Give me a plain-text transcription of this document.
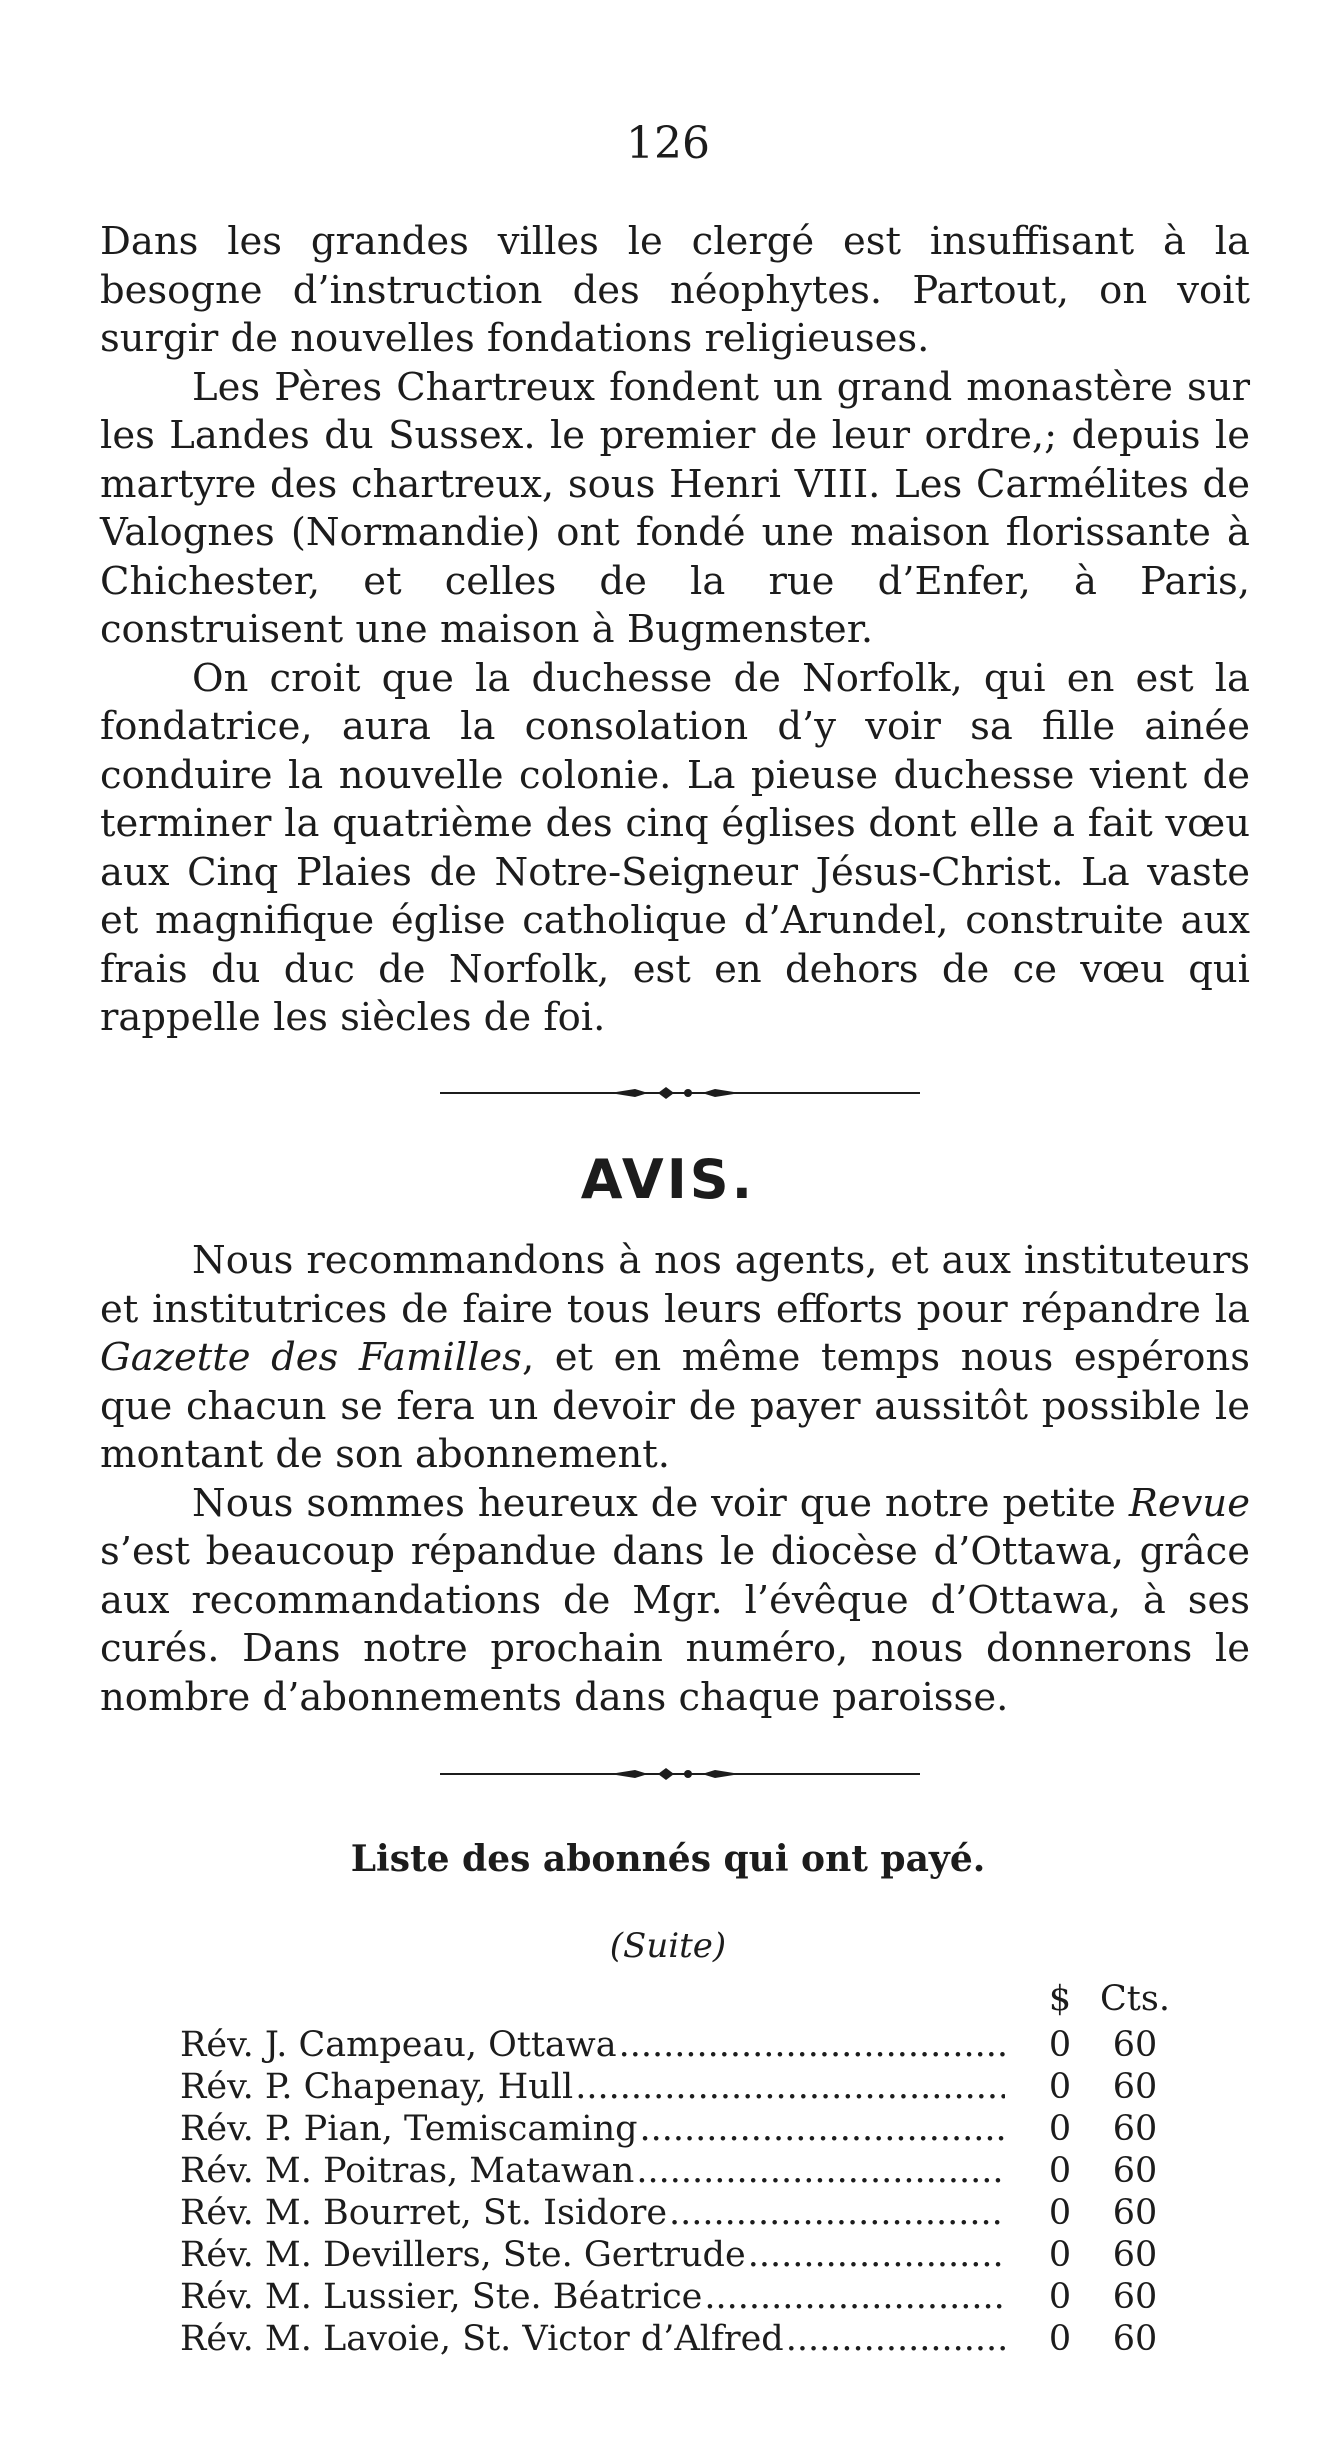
126

Dans les grandes villes le clergé est insuffisant à la besogne d’instruction des néophytes. Partout, on voit surgir de nouvelles fondations religieuses.

Les Pères Chartreux fondent un grand monastère sur les Landes du Sussex. le premier de leur ordre,; depuis le martyre des chartreux, sous Henri VIII. Les Carmélites de Valognes (Normandie) ont fondé une maison florissante à Chichester, et celles de la rue d’Enfer, à Paris, construisent une maison à Bugmenster.

On croit que la duchesse de Norfolk, qui en est la fondatrice, aura la consolation d’y voir sa fille ainée conduire la nouvelle colonie. La pieuse duchesse vient de terminer la quatrième des cinq églises dont elle a fait vœu aux Cinq Plaies de Notre-Seigneur Jésus-Christ. La vaste et magnifique église catholique d’Arundel, construite aux frais du duc de Norfolk, est en dehors de ce vœu qui rappelle les siècles de foi.

AVIS.

Nous recommandons à nos agents, et aux instituteurs et institutrices de faire tous leurs efforts pour répandre la Gazette des Familles, et en même temps nous espérons que chacun se fera un devoir de payer aussitôt possible le montant de son abonnement.

Nous sommes heureux de voir que notre petite Revue s’est beaucoup répandue dans le diocèse d’Ottawa, grâce aux recommandations de Mgr. l’évêque d’Ottawa, à ses curés. Dans notre prochain numéro, nous donnerons le nombre d’abonnements dans chaque paroisse.

Liste des abonnés qui ont payé.
(Suite)
$ Cts.
Rév. J. Campeau, Ottawa .....	0	60
Rév. P. Chapenay, Hull .....	0	60
Rév. P. Pian, Temiscaming .....	0	60
Rév. M. Poitras, Matawan .....	0	60
Rév. M. Bourret, St. Isidore .....	0	60
Rév. M. Devillers, Ste. Gertrude .....	0	60
Rév. M. Lussier, Ste. Béatrice .....	0	60
Rév. M. Lavoie, St. Victor d’Alfred .....	0	60
